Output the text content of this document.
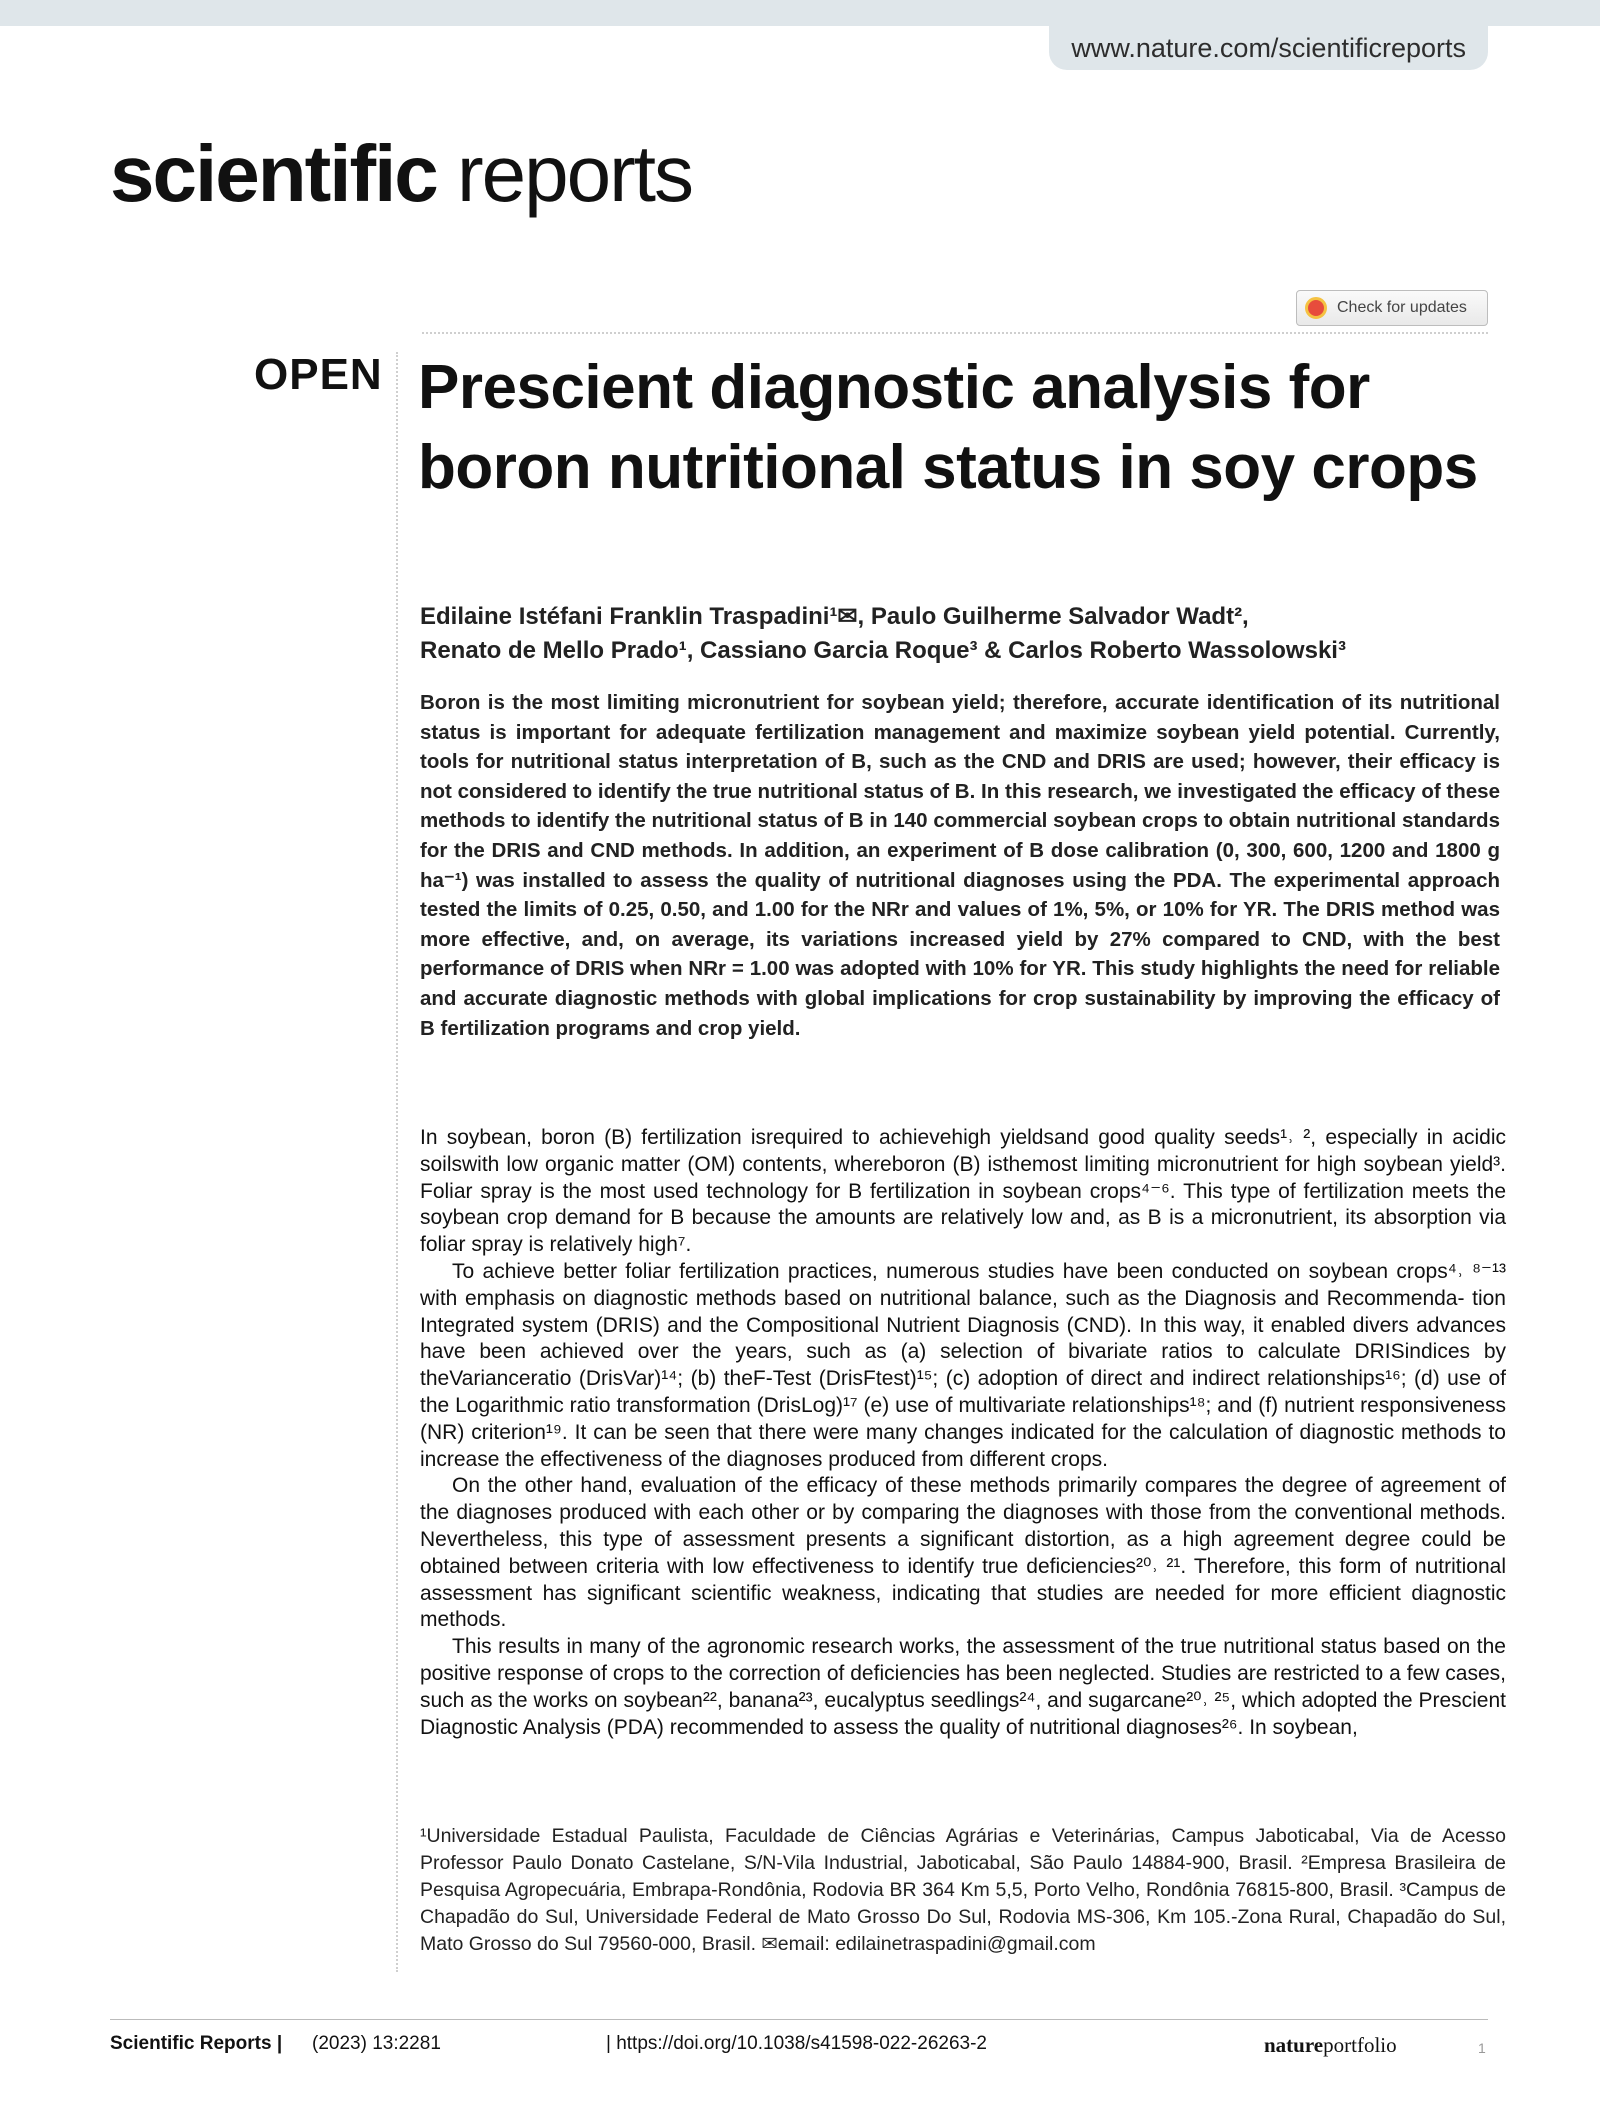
www.nature.com/scientificreports
scientific reports
Check for updates
OPEN Prescient diagnostic analysis for boron nutritional status in soy crops
Edilaine Istéfani Franklin Traspadini¹✉, Paulo Guilherme Salvador Wadt²,
Renato de Mello Prado¹, Cassiano Garcia Roque³ & Carlos Roberto Wassolowski³
Boron is the most limiting micronutrient for soybean yield; therefore, accurate identification of its nutritional status is important for adequate fertilization management and maximize soybean yield potential. Currently, tools for nutritional status interpretation of B, such as the CND and DRIS are used; however, their efficacy is not considered to identify the true nutritional status of B. In this research, we investigated the efficacy of these methods to identify the nutritional status of B in 140 commercial soybean crops to obtain nutritional standards for the DRIS and CND methods. In addition, an experiment of B dose calibration (0, 300, 600, 1200 and 1800 g ha⁻¹) was installed to assess the quality of nutritional diagnoses using the PDA. The experimental approach tested the limits of 0.25, 0.50, and 1.00 for the NRr and values of 1%, 5%, or 10% for YR. The DRIS method was more effective, and, on average, its variations increased yield by 27% compared to CND, with the best performance of DRIS when NRr = 1.00 was adopted with 10% for YR. This study highlights the need for reliable and accurate diagnostic methods with global implications for crop sustainability by improving the efficacy of B fertilization programs and crop yield.

In soybean, boron (B) fertilization isrequired to achievehigh yieldsand good quality seeds¹˒ ², especially in acidic soilswith low organic matter (OM) contents, whereboron (B) isthemost limiting micronutrient for high soybean yield³. Foliar spray is the most used technology for B fertilization in soybean crops⁴⁻⁶. This type of fertilization meets the soybean crop demand for B because the amounts are relatively low and, as B is a micronutrient, its absorption via foliar spray is relatively high⁷.

To achieve better foliar fertilization practices, numerous studies have been conducted on soybean crops⁴˒ ⁸⁻¹³ with emphasis on diagnostic methods based on nutritional balance, such as the Diagnosis and Recommenda- tion Integrated system (DRIS) and the Compositional Nutrient Diagnosis (CND). In this way, it enabled divers advances have been achieved over the years, such as (a) selection of bivariate ratios to calculate DRISindices by theVarianceratio (DrisVar)¹⁴; (b) theF-Test (DrisFtest)¹⁵; (c) adoption of direct and indirect relationships¹⁶; (d) use of the Logarithmic ratio transformation (DrisLog)¹⁷ (e) use of multivariate relationships¹⁸; and (f) nutrient responsiveness (NR) criterion¹⁹. It can be seen that there were many changes indicated for the calculation of diagnostic methods to increase the effectiveness of the diagnoses produced from different crops.

On the other hand, evaluation of the efficacy of these methods primarily compares the degree of agreement of the diagnoses produced with each other or by comparing the diagnoses with those from the conventional methods. Nevertheless, this type of assessment presents a significant distortion, as a high agreement degree could be obtained between criteria with low effectiveness to identify true deficiencies²⁰˒ ²¹. Therefore, this form of nutritional assessment has significant scientific weakness, indicating that studies are needed for more efficient diagnostic methods.

This results in many of the agronomic research works, the assessment of the true nutritional status based on the positive response of crops to the correction of deficiencies has been neglected. Studies are restricted to a few cases, such as the works on soybean²², banana²³, eucalyptus seedlings²⁴, and sugarcane²⁰˒ ²⁵, which adopted the Prescient Diagnostic Analysis (PDA) recommended to assess the quality of nutritional diagnoses²⁶. In soybean,

¹Universidade Estadual Paulista, Faculdade de Ciências Agrárias e Veterinárias, Campus Jaboticabal, Via de Acesso Professor Paulo Donato Castelane, S/N-Vila Industrial, Jaboticabal, São Paulo 14884-900, Brasil. ²Empresa Brasileira de Pesquisa Agropecuária, Embrapa-Rondônia, Rodovia BR 364 Km 5,5, Porto Velho, Rondônia 76815-800, Brasil. ³Campus de Chapadão do Sul, Universidade Federal de Mato Grosso Do Sul, Rodovia MS-306, Km 105.-Zona Rural, Chapadão do Sul, Mato Grosso do Sul 79560-000, Brasil. ✉email: edilainetraspadini@gmail.com
Scientific Reports | (2023) 13:2281	| https://doi.org/10.1038/s41598-022-26263-2	natureportfolio	1
